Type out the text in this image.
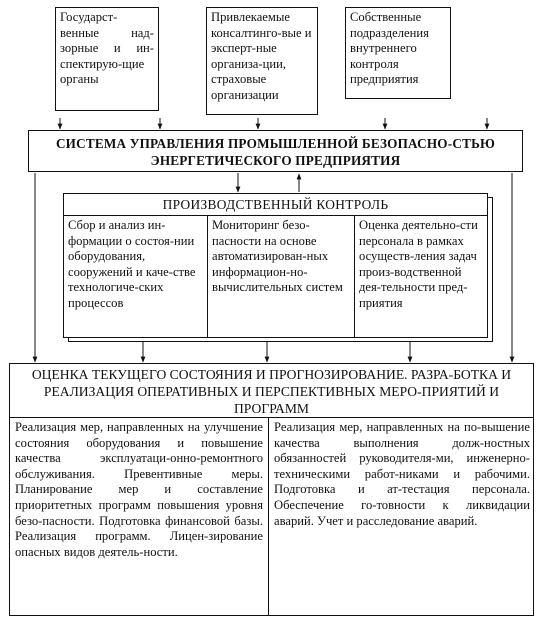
Государст-венные над-зорные и ин-спектирую-щие органы
Привлекаемые консалтинго-вые и эксперт-ные организа-ции, страховые организации
Собственные подразделения внутреннего контроля предприятия
СИСТЕМА УПРАВЛЕНИЯ ПРОМЫШЛЕННОЙ БЕЗОПАСНО-СТЬЮ ЭНЕРГЕТИЧЕСКОГО ПРЕДПРИЯТИЯ
ПРОИЗВОДСТВЕННЫЙ КОНТРОЛЬ
Сбор и анализ ин-формации о состоя-нии оборудования, сооружений и каче-стве технологиче-ских процессов
Мониторинг безо-пасности на основе автоматизирован-ных информацион-но-вычислительных систем
Оценка деятельно-сти персонала в рамках осуществ-ления задач произ-водственной дея-тельности пред-приятия
ОЦЕНКА ТЕКУЩЕГО СОСТОЯНИЯ И ПРОГНОЗИРОВАНИЕ. РАЗРА-БОТКА И РЕАЛИЗАЦИЯ ОПЕРАТИВНЫХ И ПЕРСПЕКТИВНЫХ МЕРО-ПРИЯТИЙ И ПРОГРАММ
Реализация мер, направленных на улучшение состояния оборудования и повышение качества эксплуатаци-онно-ремонтного обслуживания. Превентивные меры. Планирование мер и составление приоритетных программ повышения уровня безо-пасности. Подготовка финансовой базы. Реализация программ. Лицен-зирование опасных видов деятель-ности.
Реализация мер, направленных на по-вышение качества выполнения долж-ностных обязанностей руководителя-ми, инженерно-техническими работ-никами и рабочими. Подготовка и ат-тестация персонала. Обеспечение го-товности к ликвидации аварий. Учет и расследование аварий.
